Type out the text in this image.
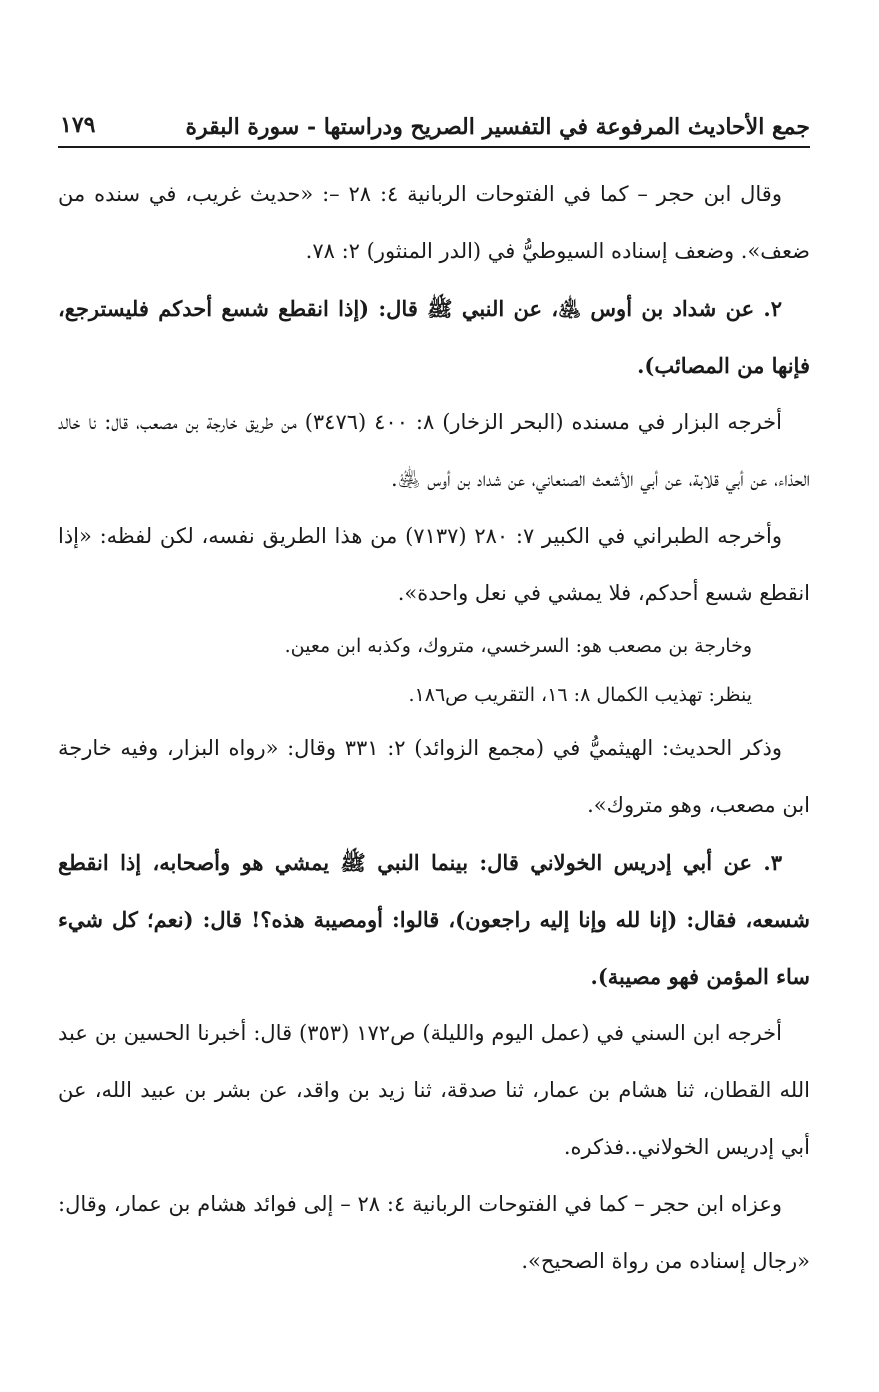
جمع الأحاديث المرفوعة في التفسير الصريح ودراستها - سورة البقرة
١٧٩

وقال ابن حجر – كما في الفتوحات الربانية ٤: ٢٨ –: «حديث غريب، في سنده من ضعف». وضعف إسناده السيوطيُّ في (الدر المنثور) ٢: ٧٨.

٢. عن شداد بن أوس ﵁، عن النبي ﷺ قال: (إذا انقطع شسع أحدكم فليسترجع، فإنها من المصائب).

أخرجه البزار في مسنده (البحر الزخار) ٨: ٤٠٠ (٣٤٧٦) من طريق خارجة بن مصعب، قال: نا خالد الحذاء، عن أبي قلابة، عن أبي الأشعث الصنعاني، عن شداد بن أوس ﵁.

وأخرجه الطبراني في الكبير ٧: ٢٨٠ (٧١٣٧) من هذا الطريق نفسه، لكن لفظه: «إذا انقطع شسع أحدكم، فلا يمشي في نعل واحدة».

وخارجة بن مصعب هو: السرخسي، متروك، وكذبه ابن معين.

ينظر: تهذيب الكمال ٨: ١٦، التقريب ص١٨٦.

وذكر الحديث: الهيثميُّ في (مجمع الزوائد) ٢: ٣٣١ وقال: «رواه البزار، وفيه خارجة ابن مصعب، وهو متروك».

٣. عن أبي إدريس الخولاني قال: بينما النبي ﷺ يمشي هو وأصحابه، إذا انقطع شسعه، فقال: (إنا لله وإنا إليه راجعون)، قالوا: أومصيبة هذه؟! قال: (نعم؛ كل شيء ساء المؤمن فهو مصيبة).

أخرجه ابن السني في (عمل اليوم والليلة) ص١٧٢ (٣٥٣) قال: أخبرنا الحسين بن عبد الله القطان، ثنا هشام بن عمار، ثنا صدقة، ثنا زيد بن واقد، عن بشر بن عبيد الله، عن أبي إدريس الخولاني..فذكره.

وعزاه ابن حجر – كما في الفتوحات الربانية ٤: ٢٨ – إلى فوائد هشام بن عمار، وقال: «رجال إسناده من رواة الصحيح».
